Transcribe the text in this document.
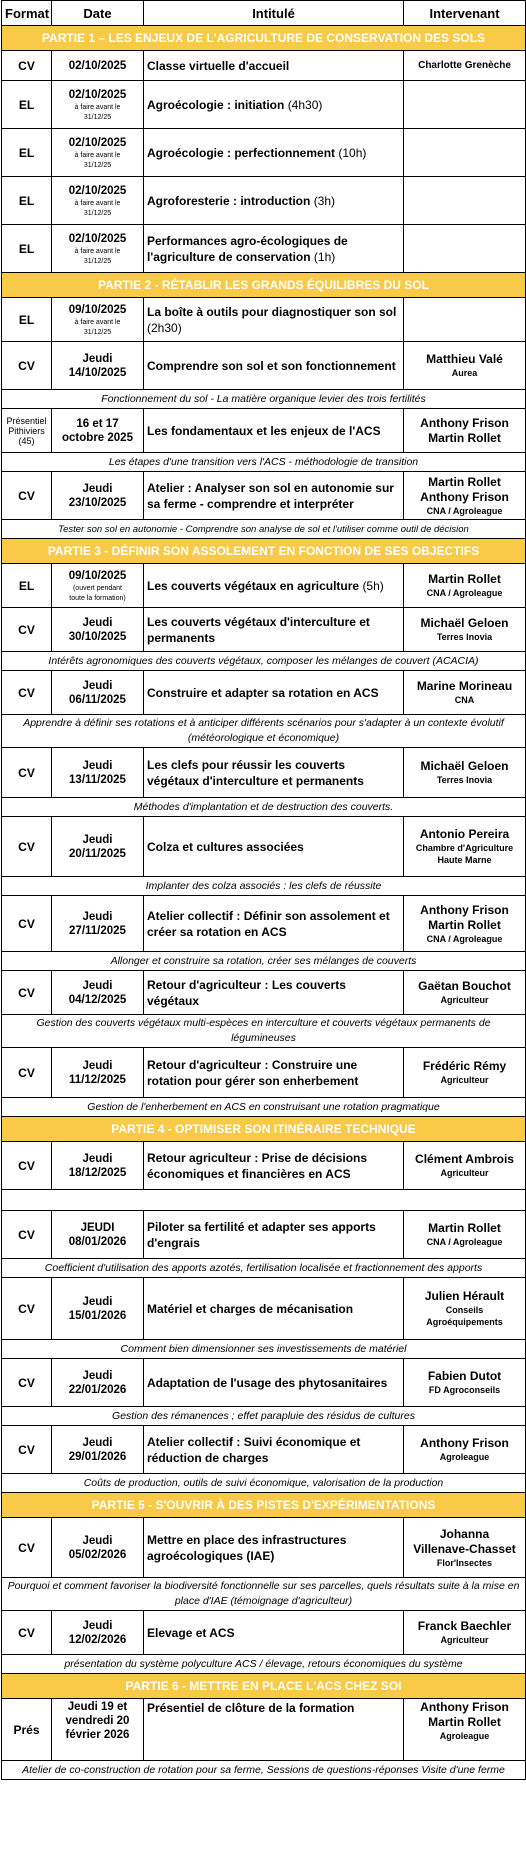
Format	Date	Intitulé	Intervenant
PARTIE 1 – LES ENJEUX DE L'AGRICULTURE DE CONSERVATION DES SOLS			
CV	02/10/2025	Classe virtuelle d'accueil	Charlotte Grenèche

EL	02/10/2025
à faire avant le
31/12/25	Agroécologie : initiation (4h30)	
EL	02/10/2025
à faire avant le
31/12/25	Agroécologie : perfectionnement (10h)	
EL	02/10/2025
à faire avant le
31/12/25	Agroforesterie : introduction (3h)	
EL	02/10/2025
à faire avant le
31/12/25	Performances agro-écologiques de l'agriculture de conservation (1h)	
PARTIE 2 - RÉTABLIR LES GRANDS ÉQUILIBRES DU SOL			
EL	09/10/2025
à faire avant le
31/12/25	La boîte à outils pour diagnostiquer son sol (2h30)	
CV	Jeudi
14/10/2025	Comprendre son sol et son fonctionnement	Matthieu Valé
Aurea

Fonctionnement du sol - La matière organique levier des trois fertilités			
Présentiel Pithiviers (45)	16 et 17
octobre 2025	Les fondamentaux et les enjeux de l'ACS	Anthony Frison
Martin Rollet

Les étapes d'une transition vers l'ACS - méthodologie de transition			
CV	Jeudi
23/10/2025	Atelier : Analyser son sol en autonomie sur sa ferme - comprendre et interpréter	Martin Rollet
Anthony Frison
CNA / Agroleague

Tester son sol en autonomie - Comprendre son analyse de sol et l'utiliser comme outil de décision			
PARTIE 3 - DÉFINIR SON ASSOLEMENT EN FONCTION DE SES OBJECTIFS			
EL	09/10/2025
(ouvert pendant
toute la formation)	Les couverts végétaux en agriculture (5h)	Martin Rollet
CNA / Agroleague

CV	Jeudi
30/10/2025	Les couverts végétaux d'interculture et permanents	Michaël Geloen
Terres Inovia

Intérêts agronomiques des couverts végétaux, composer les mélanges de couvert (ACACIA)			
CV	Jeudi
06/11/2025	Construire et adapter sa rotation en ACS	Marine Morineau
CNA

Apprendre à définir ses rotations et à anticiper différents scénarios pour s'adapter à un contexte évolutif (météorologique et économique)			
CV	Jeudi
13/11/2025	Les clefs pour réussir les couverts végétaux d'interculture et permanents	Michaël Geloen
Terres Inovia

Méthodes d'implantation et de destruction des couverts.			
CV	Jeudi
20/11/2025	Colza et cultures associées	Antonio Pereira
Chambre d'Agriculture
Haute Marne

Implanter des colza associés : les clefs de réussite			
CV	Jeudi
27/11/2025	Atelier collectif : Définir son assolement et créer sa rotation en ACS	Anthony Frison
Martin Rollet
CNA / Agroleague

Allonger et construire sa rotation, créer ses mélanges de couverts			
CV	Jeudi
04/12/2025	Retour d'agriculteur : Les couverts végétaux	Gaëtan Bouchot
Agriculteur

Gestion des couverts végétaux multi-espèces en interculture et couverts végétaux permanents de légumineuses			
CV	Jeudi
11/12/2025	Retour d'agriculteur : Construire une rotation pour gérer son enherbement	Frédéric Rémy
Agriculteur

Gestion de l'enherbement en ACS en construisant une rotation pragmatique			
PARTIE 4 - OPTIMISER SON ITINÉRAIRE TECHNIQUE			
CV	Jeudi
18/12/2025	Retour agriculteur : Prise de décisions économiques et financières en ACS	Clément Ambrois
Agriculteur

CV	JEUDI
08/01/2026	Piloter sa fertilité et adapter ses apports d'engrais	Martin Rollet
CNA / Agroleague

Coefficient d'utilisation des apports azotés, fertilisation localisée et fractionnement des apports			
CV	Jeudi
15/01/2026	Matériel et charges de mécanisation	Julien Hérault
Conseils
Agroéquipements

Comment bien dimensionner ses investissements de matériel			
CV	Jeudi
22/01/2026	Adaptation de l'usage des phytosanitaires	Fabien Dutot
FD Agroconseils

Gestion des rémanences ; effet parapluie des résidus de cultures			
CV	Jeudi
29/01/2026	Atelier collectif : Suivi économique et réduction de charges	Anthony Frison
Agroleague

Coûts de production, outils de suivi économique, valorisation de la production			
PARTIE 5 - S'OUVRIR À DES PISTES D'EXPÉRIMENTATIONS			
CV	Jeudi
05/02/2026	Mettre en place des infrastructures agroécologiques (IAE)	Johanna
Villenave-Chasset
Flor'Insectes

Pourquoi et comment favoriser la biodiversité fonctionnelle sur ses parcelles, quels résultats suite à la mise en place d'IAE (témoignage d'agriculteur)			
CV	Jeudi
12/02/2026	Elevage et ACS	Franck Baechler
Agriculteur

présentation du système polyculture ACS / élevage, retours économiques du système			
PARTIE 6 - METTRE EN PLACE L'ACS CHEZ SOI			
Prés	Jeudi 19 et
vendredi 20
février 2026	Présentiel de clôture de la formation	Anthony Frison
Martin Rollet
Agroleague

Atelier de co-construction de rotation pour sa ferme, Sessions de questions-réponses Visite d'une ferme			
